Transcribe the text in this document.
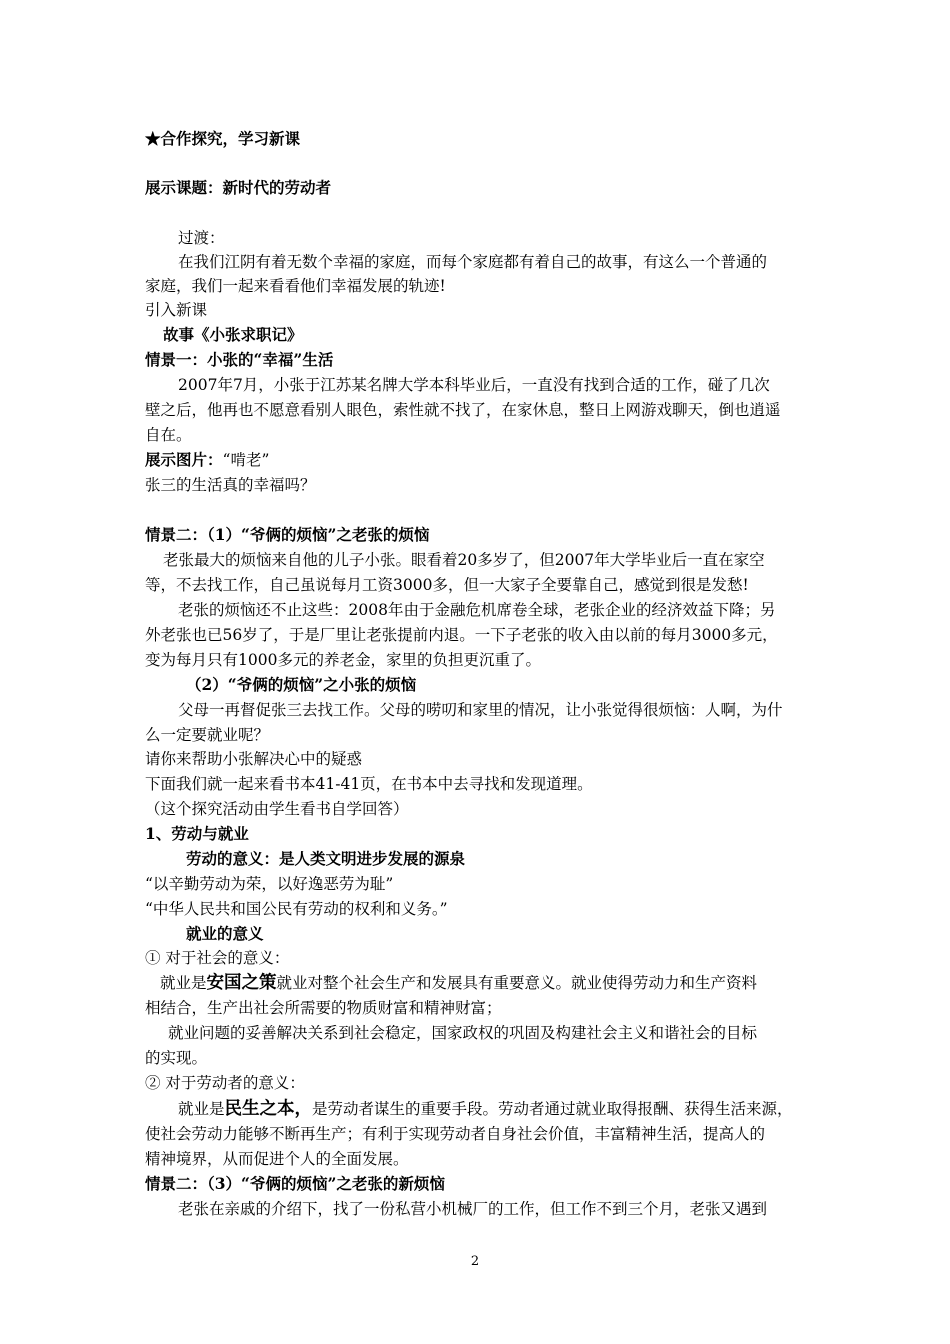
★合作探究，学习新课
展示课题：新时代的劳动者
过渡：
在我们江阴有着无数个幸福的家庭，而每个家庭都有着自己的故事，有这么一个普通的
家庭，我们一起来看看他们幸福发展的轨迹!
引入新课
故事《小张求职记》
情景一：小张的“幸福”生活
2007年7月，小张于江苏某名牌大学本科毕业后，一直没有找到合适的工作，碰了几次
壁之后，他再也不愿意看别人眼色，索性就不找了，在家休息，整日上网游戏聊天，倒也逍遥
自在。
展示图片：“啃老”
张三的生活真的幸福吗？
情景二：（1）“爷俩的烦恼”之老张的烦恼
老张最大的烦恼来自他的儿子小张。眼看着20多岁了，但2007年大学毕业后一直在家空
等，不去找工作，自己虽说每月工资3000多，但一大家子全要靠自己，感觉到很是发愁!
老张的烦恼还不止这些：2008年由于金融危机席卷全球，老张企业的经济效益下降；另
外老张也已56岁了，于是厂里让老张提前内退。一下子老张的收入由以前的每月3000多元，
变为每月只有1000多元的养老金，家里的负担更沉重了。
（2）“爷俩的烦恼”之小张的烦恼
父母一再督促张三去找工作。父母的唠叨和家里的情况，让小张觉得很烦恼：人啊，为什
么一定要就业呢？
请你来帮助小张解决心中的疑惑
下面我们就一起来看书本41-41页，在书本中去寻找和发现道理。
（这个探究活动由学生看书自学回答）
1、劳动与就业
劳动的意义：是人类文明进步发展的源泉
“以辛勤劳动为荣，以好逸恶劳为耻”
“中华人民共和国公民有劳动的权利和义务。”
就业的意义
① 对于社会的意义：
就业是安国之策就业对整个社会生产和发展具有重要意义。就业使得劳动力和生产资料
相结合，生产出社会所需要的物质财富和精神财富；
就业问题的妥善解决关系到社会稳定，国家政权的巩固及构建社会主义和谐社会的目标
的实现。
② 对于劳动者的意义：
就业是民生之本，是劳动者谋生的重要手段。劳动者通过就业取得报酬、获得生活来源，
使社会劳动力能够不断再生产；有利于实现劳动者自身社会价值，丰富精神生活，提高人的
精神境界，从而促进个人的全面发展。
情景二：（3）“爷俩的烦恼”之老张的新烦恼
老张在亲戚的介绍下，找了一份私营小机械厂的工作，但工作不到三个月，老张又遇到
2
